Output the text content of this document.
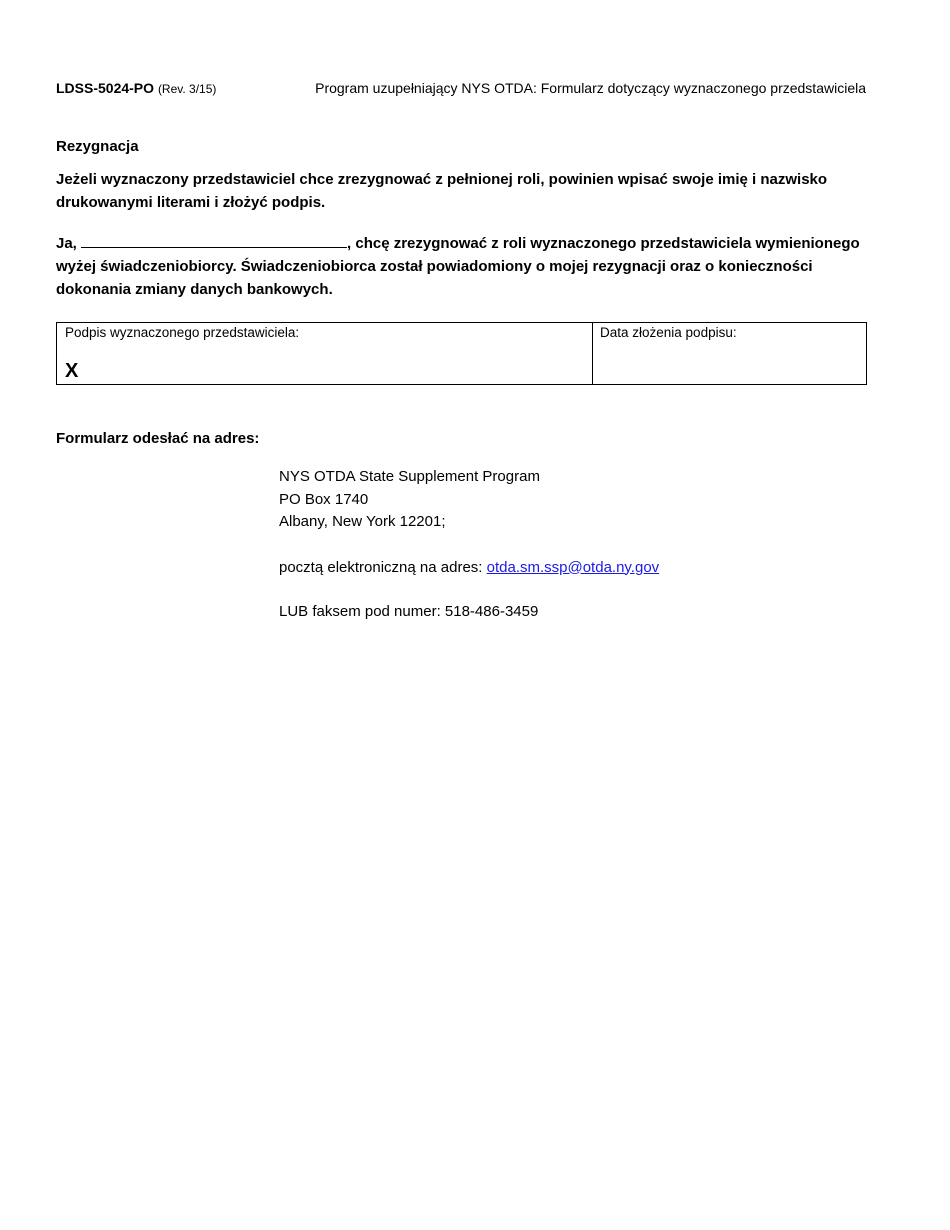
LDSS-5024-PO (Rev. 3/15)	Program uzupełniający NYS OTDA: Formularz dotyczący wyznaczonego przedstawiciela
Rezygnacja
Jeżeli wyznaczony przedstawiciel chce zrezygnować z pełnionej roli, powinien wpisać swoje imię i nazwisko drukowanymi literami i złożyć podpis.
Ja,	, chcę zrezygnować z roli wyznaczonego przedstawiciela wymienionego wyżej świadczeniobiorcy. Świadczeniobiorca został powiadomiony o mojej rezygnacji oraz o konieczności dokonania zmiany danych bankowych.
Podpis wyznaczonego przedstawiciela:
X
Data złożenia podpisu:
Formularz odesłać na adres:
NYS OTDA State Supplement Program
PO Box 1740
Albany, New York 12201;
pocztą elektroniczną na adres: otda.sm.ssp@otda.ny.gov
LUB faksem pod numer: 518-486-3459
